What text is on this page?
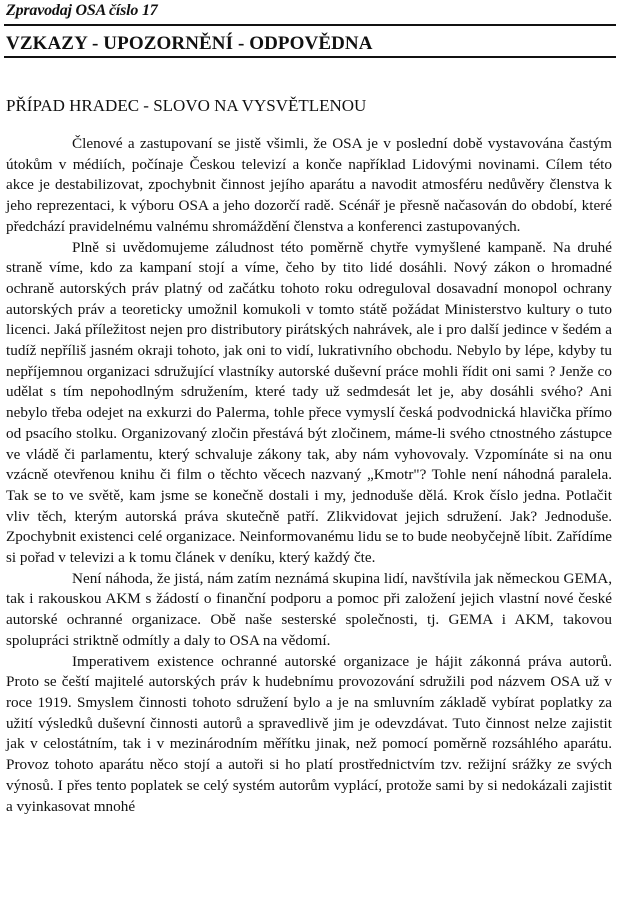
Zpravodaj OSA číslo 17
VZKAZY - UPOZORNĚNÍ - ODPOVĚDNA
PŘÍPAD HRADEC - SLOVO NA VYSVĚTLENOU

Členové a zastupovaní se jistě všimli, že OSA je v poslední době vystavována častým útokům v médiích, počínaje Českou televizí a konče například Lidovými novinami. Cílem této akce je destabilizovat, zpochybnit činnost jejího aparátu a navodit atmosféru nedůvěry členstva k jeho reprezentaci, k výboru OSA a jeho dozorčí radě. Scénář je přesně načasován do období, které předchází pravidelnému valnému shromáždění členstva a konferenci zastupovaných.

Plně si uvědomujeme záludnost této poměrně chytře vymyšlené kampaně. Na druhé straně víme, kdo za kampaní stojí a víme, čeho by tito lidé dosáhli. Nový zákon o hromadné ochraně autorských práv platný od začátku tohoto roku odreguloval dosavadní monopol ochrany autorských práv a teoreticky umožnil komukoli v tomto státě požádat Ministerstvo kultury o tuto licenci. Jaká příležitost nejen pro distributory pirátských nahrávek, ale i pro další jedince v šedém a tudíž nepříliš jasném okraji tohoto, jak oni to vidí, lukrativního obchodu. Nebylo by lépe, kdyby tu nepříjemnou organizaci sdružující vlastníky autorské duševní práce mohli řídit oni sami ? Jenže co udělat s tím nepohodlným sdružením, které tady už sedmdesát let je, aby dosáhli svého? Ani nebylo třeba odejet na exkurzi do Palerma, tohle přece vymyslí česká podvodnická hlavička přímo od psacího stolku. Organizovaný zločin přestává být zločinem, máme-li svého ctnostného zástupce ve vládě či parlamentu, který schvaluje zákony tak, aby nám vyhovovaly. Vzpomínáte si na onu vzácně otevřenou knihu či film o těchto věcech nazvaný „Kmotr"? Tohle není náhodná paralela. Tak se to ve světě, kam jsme se konečně dostali i my, jednoduše dělá. Krok číslo jedna. Potlačit vliv těch, kterým autorská práva skutečně patří. Zlikvidovat jejich sdružení. Jak? Jednoduše. Zpochybnit existenci celé organizace. Neinformovanému lidu se to bude neobyčejně líbit. Zařídíme si pořad v televizi a k tomu článek v deníku, který každý čte.

Není náhoda, že jistá, nám zatím neznámá skupina lidí, navštívila jak německou GEMA, tak i rakouskou AKM s žádostí o finanční podporu a pomoc při založení jejich vlastní nové české autorské ochranné organizace. Obě naše sesterské společnosti, tj. GEMA i AKM, takovou spolupráci striktně odmítly a daly to OSA na vědomí.

Imperativem existence ochranné autorské organizace je hájit zákonná práva autorů. Proto se čeští majitelé autorských práv k hudebnímu provozování sdružili pod názvem OSA už v roce 1919. Smyslem činnosti tohoto sdružení bylo a je na smluvním základě vybírat poplatky za užití výsledků duševní činnosti autorů a spravedlivě jim je odevzdávat. Tuto činnost nelze zajistit jak v celostátním, tak i v mezinárodním měřítku jinak, než pomocí poměrně rozsáhlého aparátu. Provoz tohoto aparátu něco stojí a autoři si ho platí prostřednictvím tzv. režijní srážky ze svých výnosů. I přes tento poplatek se celý systém autorům vyplácí, protože sami by si nedokázali zajistit a vyinkasovat mnohé
